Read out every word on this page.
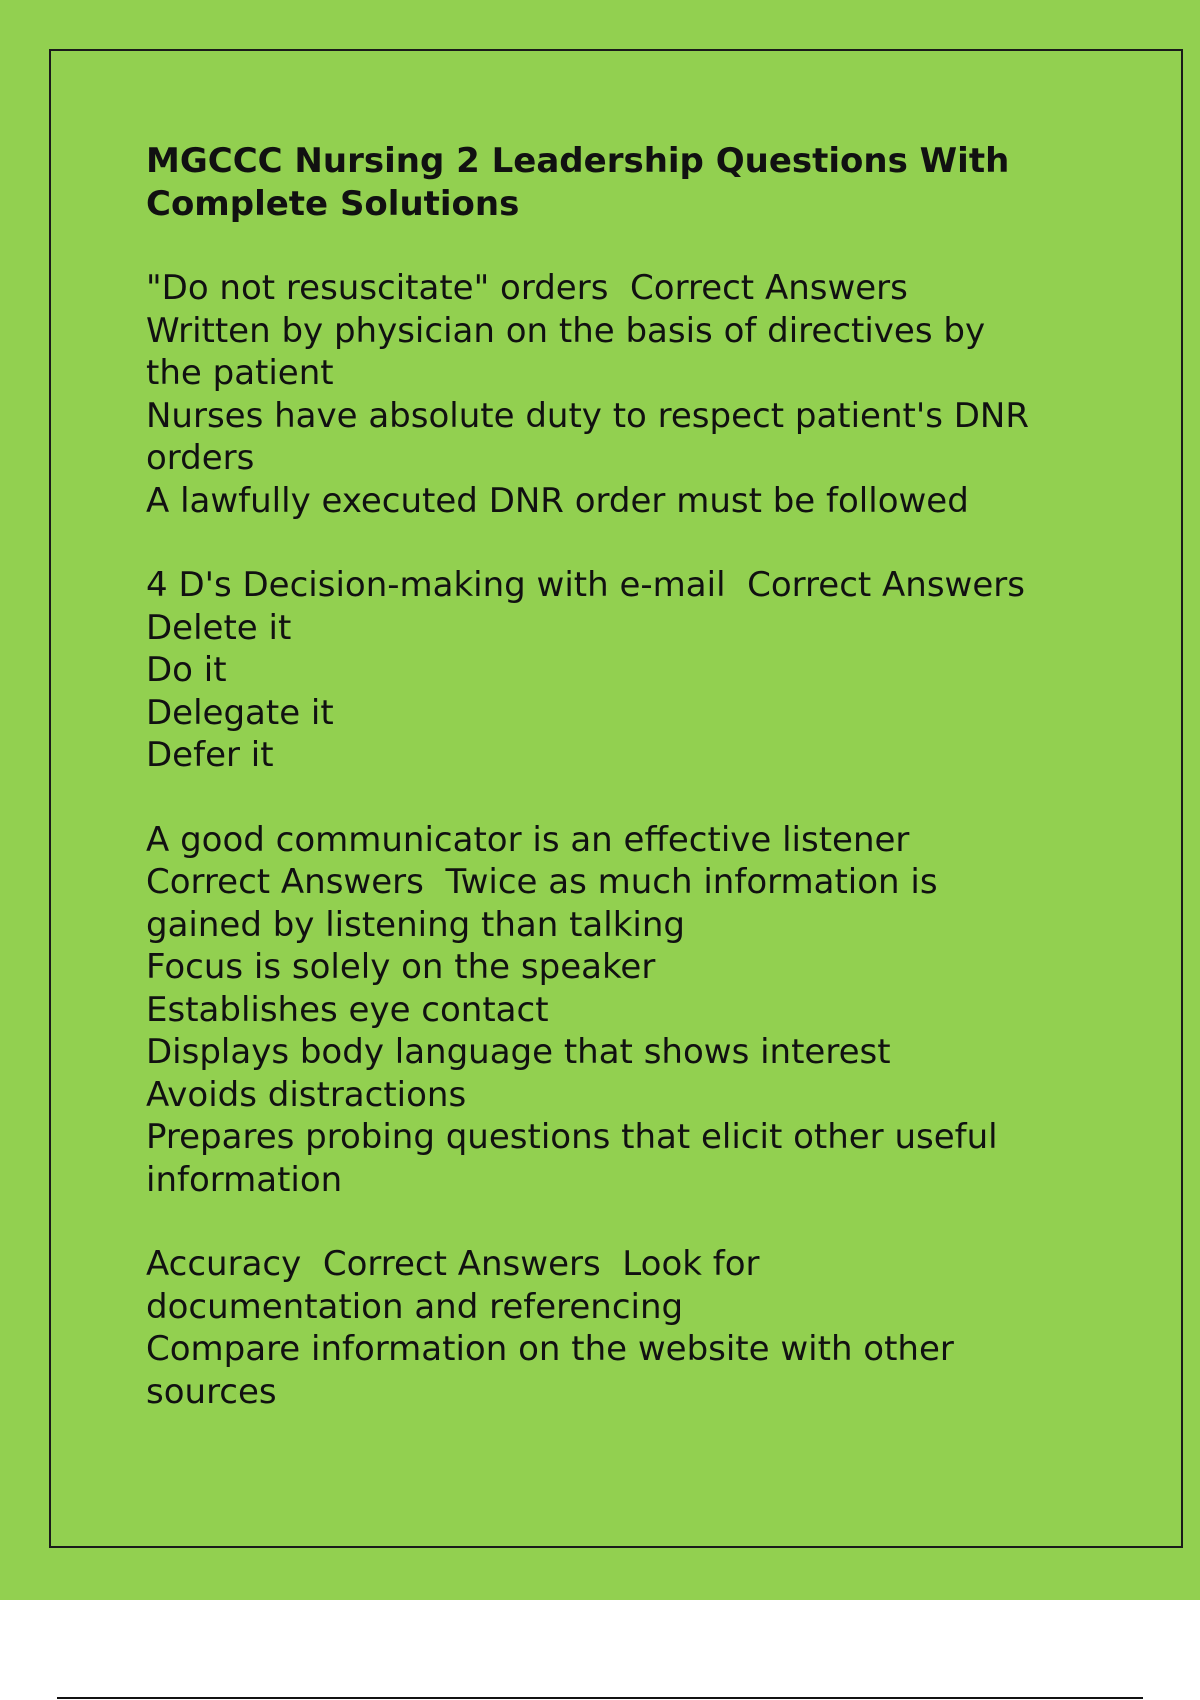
MGCCC Nursing 2 Leadership Questions With
Complete Solutions
"Do not resuscitate" orders  Correct Answers
Written by physician on the basis of directives by
the patient
Nurses have absolute duty to respect patient's DNR
orders
A lawfully executed DNR order must be followed
4 D's Decision-making with e-mail  Correct Answers
Delete it
Do it
Delegate it
Defer it
A good communicator is an effective listener
Correct Answers  Twice as much information is
gained by listening than talking
Focus is solely on the speaker
Establishes eye contact
Displays body language that shows interest
Avoids distractions
Prepares probing questions that elicit other useful
information
Accuracy  Correct Answers  Look for
documentation and referencing
Compare information on the website with other
sources
